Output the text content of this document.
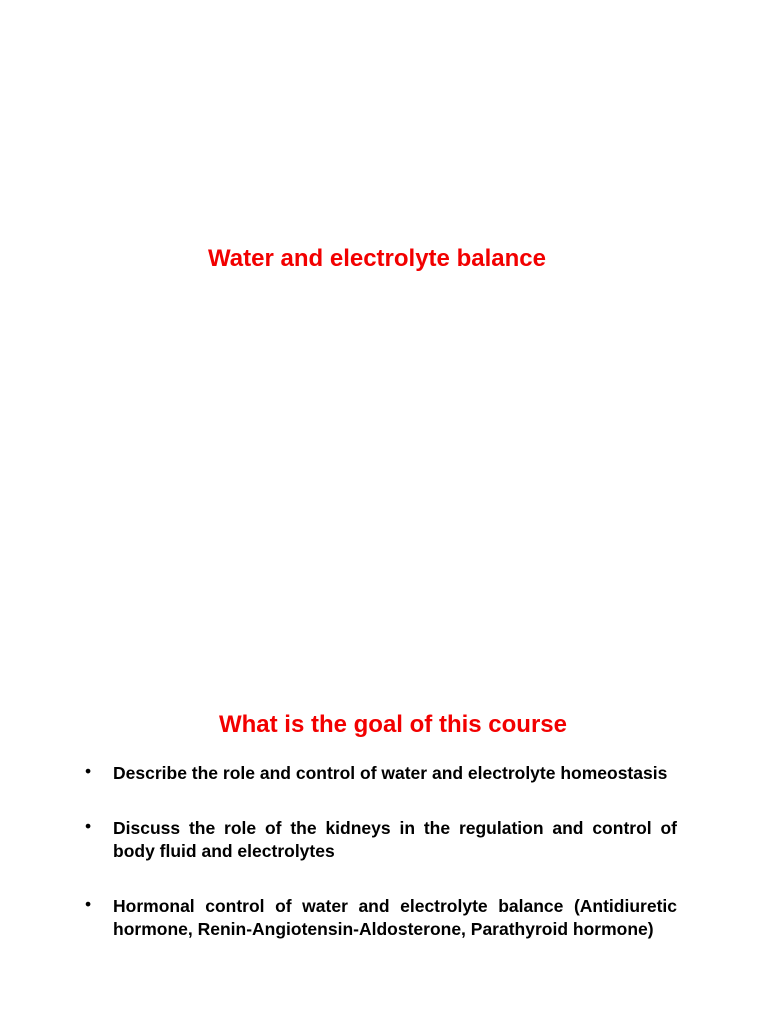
Water and electrolyte balance
What is the goal of this course
• Describe the role and control of water and electrolyte homeostasis
• Discuss the role of the kidneys in the regulation and control of body fluid and electrolytes
• Hormonal control of water and electrolyte balance (Antidiuretic hormone, Renin-Angiotensin-Aldosterone, Parathyroid hormone)
